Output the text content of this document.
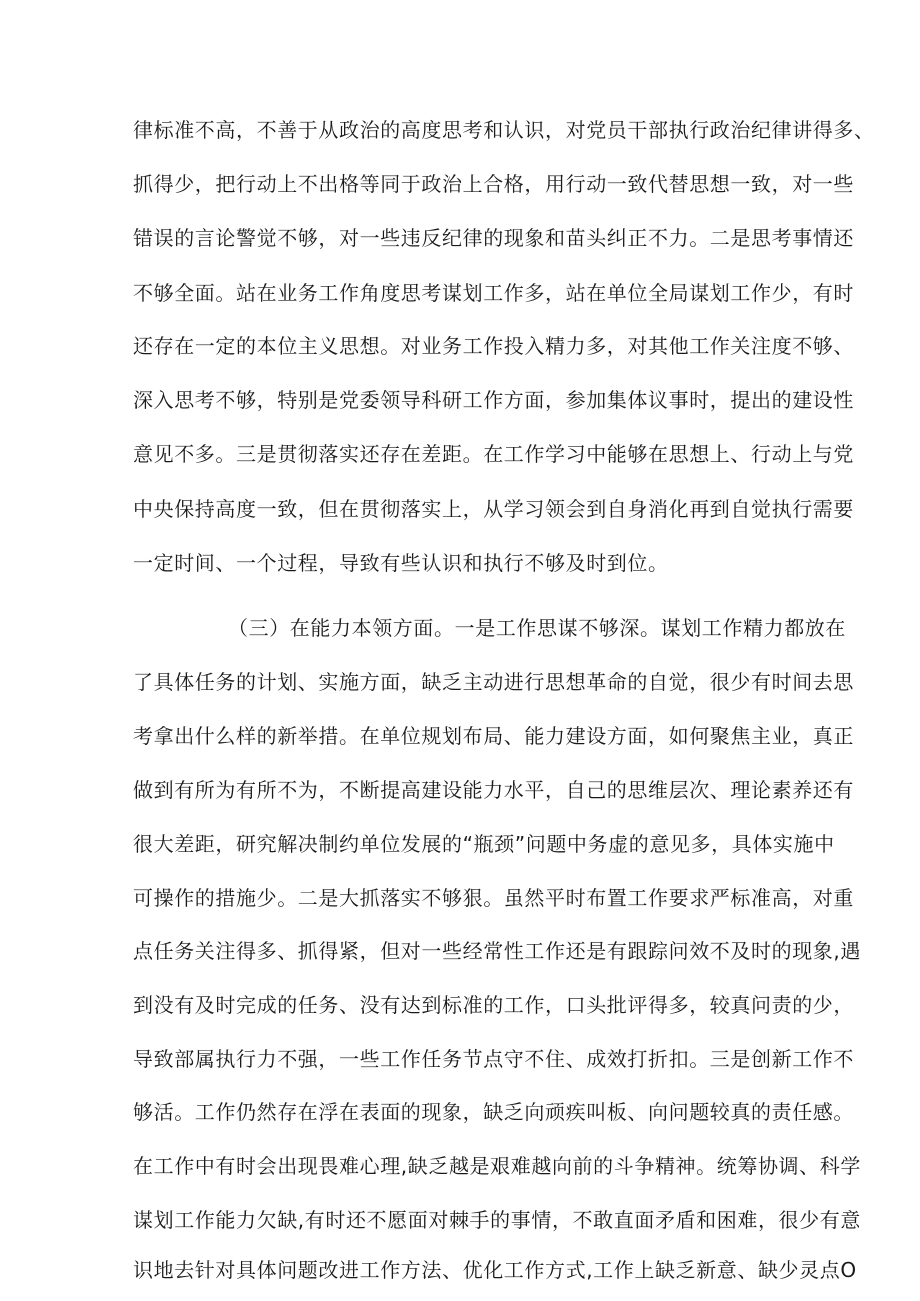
律标准不高，不善于从政治的高度思考和认识，对党员干部执行政治纪律讲得多、
抓得少，把行动上不出格等同于政治上合格，用行动一致代替思想一致，对一些
错误的言论警觉不够，对一些违反纪律的现象和苗头纠正不力。二是思考事情还
不够全面。站在业务工作角度思考谋划工作多，站在单位全局谋划工作少，有时
还存在一定的本位主义思想。对业务工作投入精力多，对其他工作关注度不够、
深入思考不够，特别是党委领导科研工作方面，参加集体议事时，提出的建设性
意见不多。三是贯彻落实还存在差距。在工作学习中能够在思想上、行动上与党
中央保持高度一致，但在贯彻落实上，从学习领会到自身消化再到自觉执行需要
一定时间、一个过程，导致有些认识和执行不够及时到位。
（三）在能力本领方面。一是工作思谋不够深。谋划工作精力都放在
了具体任务的计划、实施方面，缺乏主动进行思想革命的自觉，很少有时间去思
考拿出什么样的新举措。在单位规划布局、能力建设方面，如何聚焦主业，真正
做到有所为有所不为，不断提高建设能力水平，自己的思维层次、理论素养还有
很大差距，研究解决制约单位发展的“瓶颈”问题中务虚的意见多，具体实施中
可操作的措施少。二是大抓落实不够狠。虽然平时布置工作要求严标准高，对重
点任务关注得多、抓得紧，但对一些经常性工作还是有跟踪问效不及时的现象,遇
到没有及时完成的任务、没有达到标准的工作，口头批评得多，较真问责的少，
导致部属执行力不强，一些工作任务节点守不住、成效打折扣。三是创新工作不
够活。工作仍然存在浮在表面的现象，缺乏向顽疾叫板、向问题较真的责任感。
在工作中有时会出现畏难心理,缺乏越是艰难越向前的斗争精神。统筹协调、科学
谋划工作能力欠缺,有时还不愿面对棘手的事情，不敢直面矛盾和困难，很少有意
识地去针对具体问题改进工作方法、优化工作方式,工作上缺乏新意、缺少灵点O
